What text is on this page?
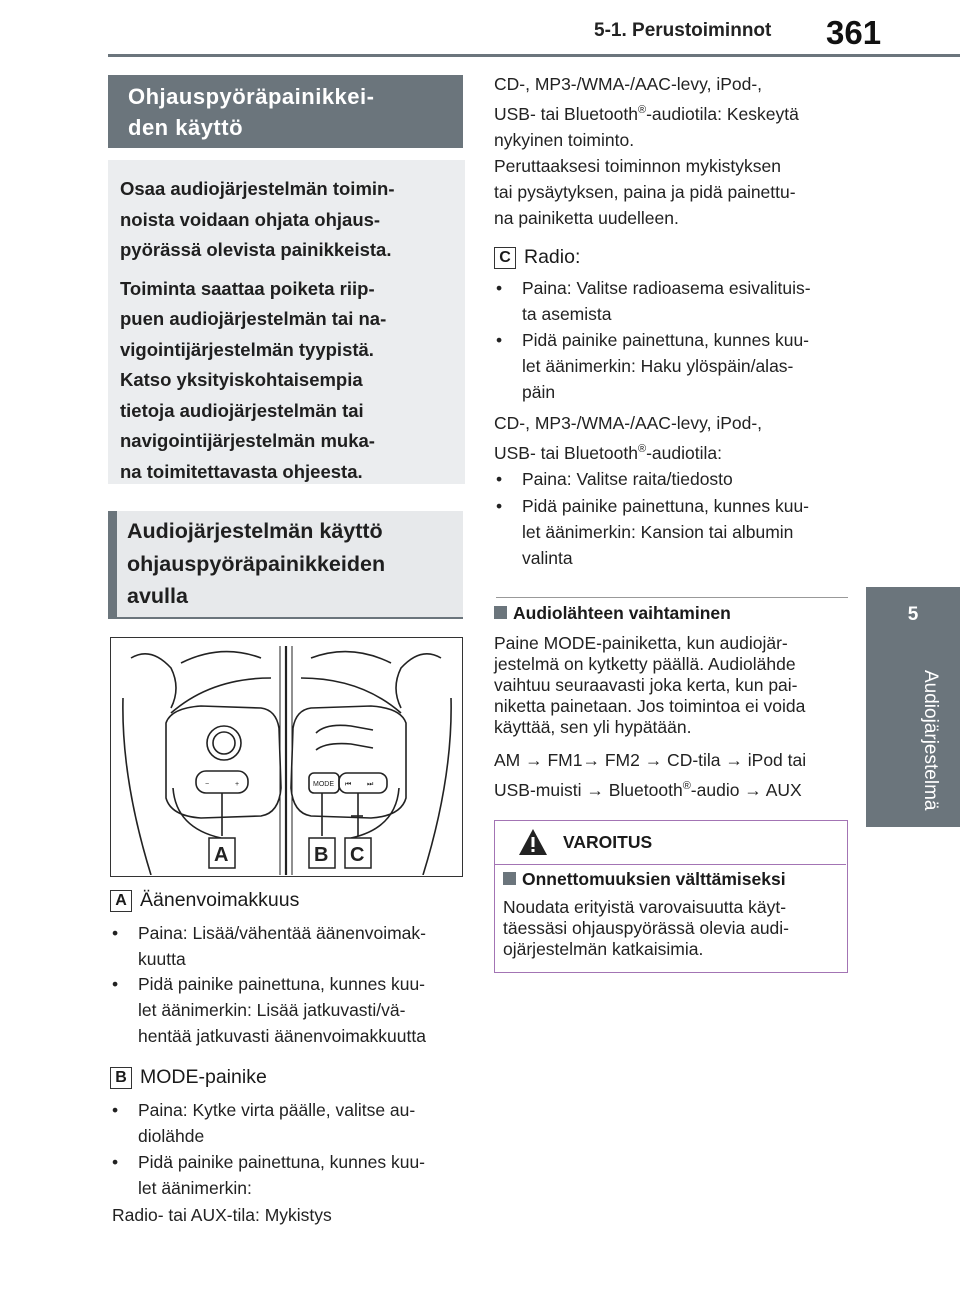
5-1. Perustoiminnot 361
5
Audiojärjestelmä
Ohjauspyöräpainikkei-
den käyttö

Osaa audiojärjestelmän toimin-
noista voidaan ohjata ohjaus-
pyörässä olevista painikkeista.

Toiminta saattaa poiketa riip-
puen audiojärjestelmän tai na-
vigointijärjestelmän tyypistä.
Katso yksityiskohtaisempia
tietoja audiojärjestelmän tai
navigointijärjestelmän muka-
na toimitettavasta ohjeesta.

Audiojärjestelmän käyttö
ohjauspyöräpainikkeiden
avulla
−	+	MODE ⏮ ⏭
A	B C
A Äänenvoimakkuus
•	Paina: Lisää/vähentää äänenvoimak-
kuutta
•	Pidä painike painettuna, kunnes kuu-
let äänimerkin: Lisää jatkuvasti/vä-
hentää jatkuvasti äänenvoimakkuutta
B MODE-painike
•	Paina: Kytke virta päälle, valitse au-
diolähde
•	Pidä painike painettuna, kunnes kuu-
let äänimerkin:
Radio- tai AUX-tila: Mykistys
CD-, MP3-/WMA-/AAC-levy, iPod-,
USB- tai Bluetooth®-audiotila: Keskeytä
nykyinen toiminto.
Peruttaaksesi toiminnon mykistyksen
tai pysäytyksen, paina ja pidä painettu-
na painiketta uudelleen.
C Radio:
•	Paina: Valitse radioasema esivalituis-
ta asemista
•	Pidä painike painettuna, kunnes kuu-
let äänimerkin: Haku ylöspäin/alas-
päin
CD-, MP3-/WMA-/AAC-levy, iPod-,
USB- tai Bluetooth®-audiotila:
•	Paina: Valitse raita/tiedosto
•	Pidä painike painettuna, kunnes kuu-
let äänimerkin: Kansion tai albumin
valinta
Audiolähteen vaihtaminen
Paine MODE-painiketta, kun audiojär-
jestelmä on kytketty päällä. Audiolähde
vaihtuu seuraavasti joka kerta, kun pai-
niketta painetaan. Jos toimintoa ei voida
käyttää, sen yli hypätään.
AM → FM1→ FM2 → CD-tila → iPod tai
USB-muisti → Bluetooth®-audio → AUX
VAROITUS
Onnettomuuksien välttämiseksi
Noudata erityistä varovaisuutta käyt-
täessäsi ohjauspyörässä olevia audi-
ojärjestelmän katkaisimia.
